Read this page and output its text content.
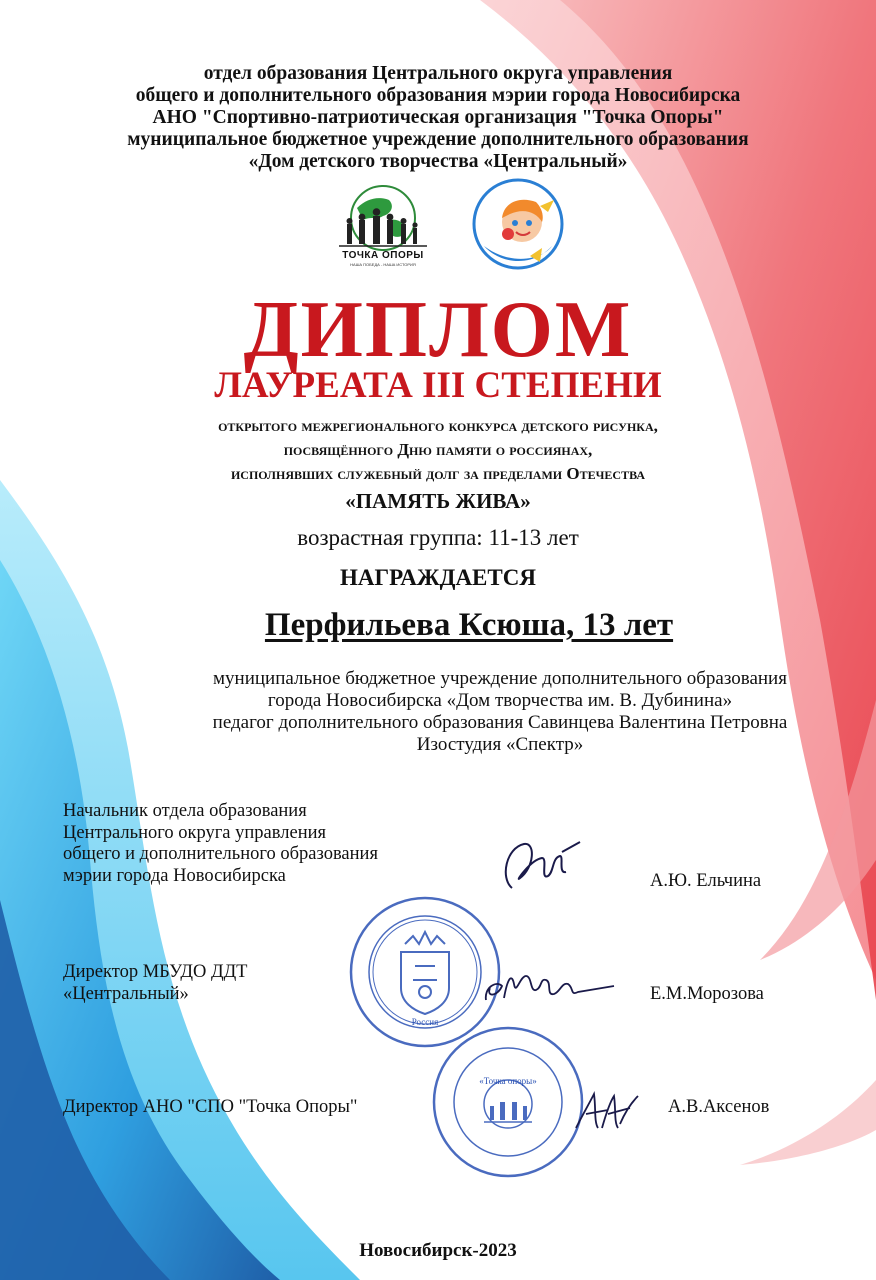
отдел образования Центрального округа управления
общего и дополнительного образования мэрии города Новосибирска
АНО "Спортивно-патриотическая организация "Точка Опоры"
муниципальное бюджетное учреждение дополнительного образования
«Дом детского творчества «Центральный»
ТОЧКА ОПОРЫ
НАША ПОБЕДА - НАША ИСТОРИЯ
ДИПЛОМ
ЛАУРЕАТА III СТЕПЕНИ
открытого межрегионального конкурса детского рисунка,
посвящённого Дню памяти о россиянах,
исполнявших служебный долг за пределами Отечества
«ПАМЯТЬ ЖИВА»
возрастная группа: 11-13 лет
НАГРАЖДАЕТСЯ
Перфильева Ксюша, 13 лет
муниципальное бюджетное учреждение дополнительного образования
города Новосибирска «Дом творчества им. В. Дубинина»
педагог дополнительного образования Савинцева Валентина Петровна
Изостудия «Спектр»
Россия
«Точка опоры»
Начальник отдела образования
Центрального округа управления
общего и дополнительного образования
мэрии города Новосибирска	А.Ю. Ельчина
Директор МБУДО ДДТ
«Центральный»	Е.М.Морозова
Директор АНО "СПО "Точка Опоры"	А.В.Аксенов
Новосибирск-2023
